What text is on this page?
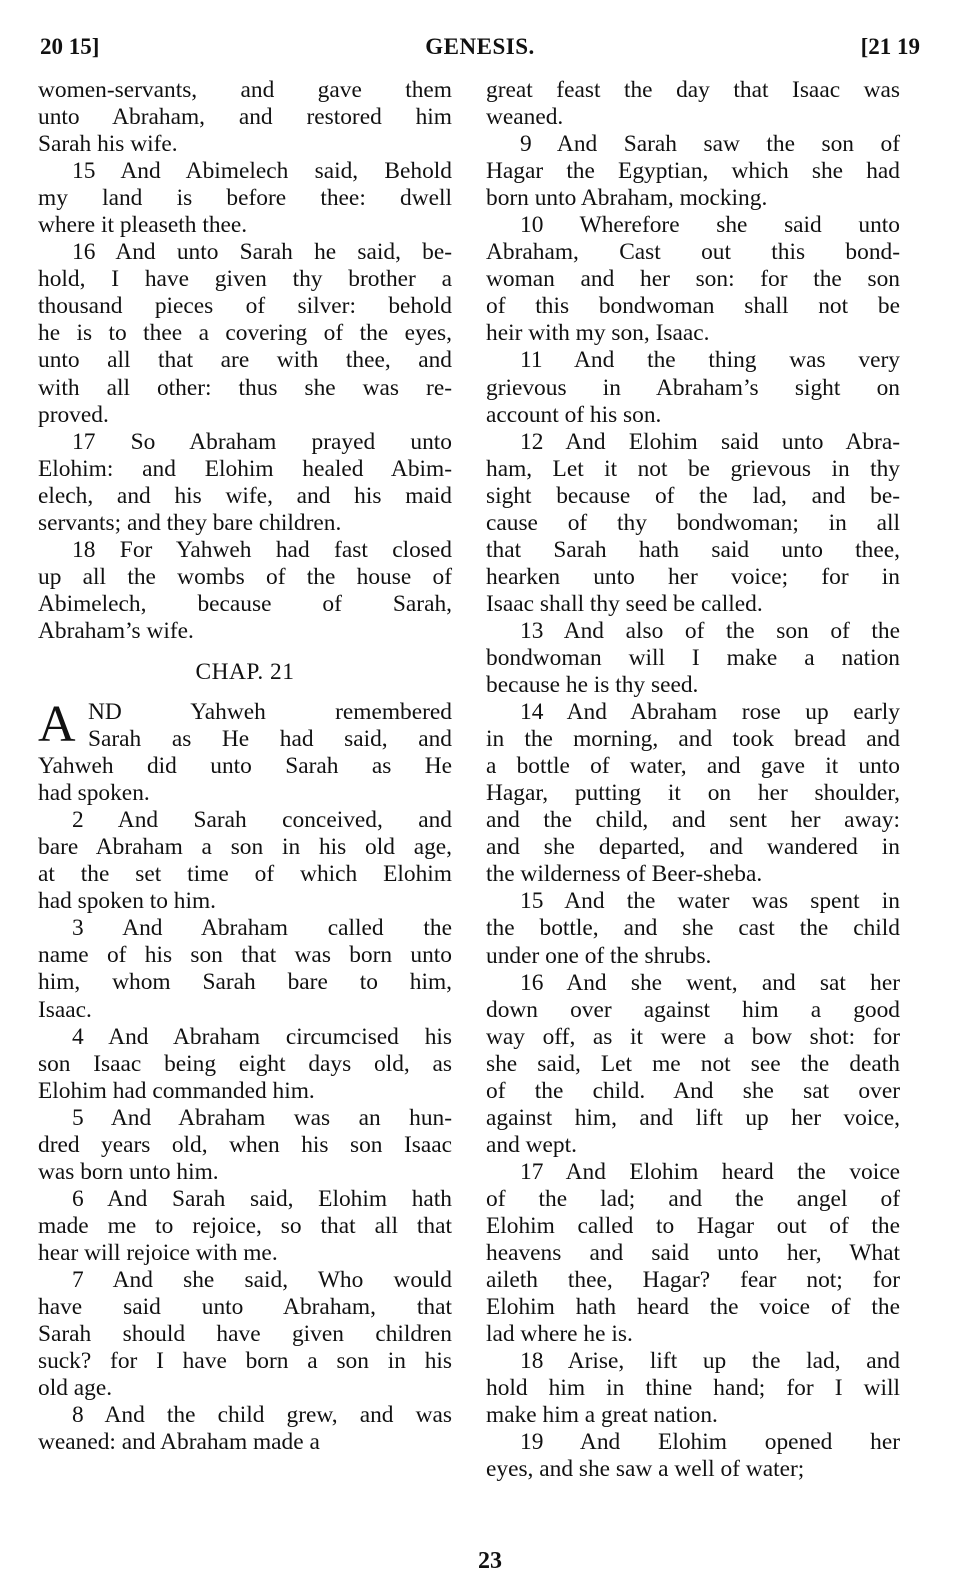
20 15]	GENESIS.	[21 19
women-servants, and gave them
unto Abraham, and restored him
Sarah his wife.
15 And Abimelech said, Behold
my land is before thee: dwell
where it pleaseth thee.
16 And unto Sarah he said, be-
hold, I have given thy brother a
thousand pieces of silver: behold
he is to thee a covering of the eyes,
unto all that are with thee, and
with all other: thus she was re-
proved.
17 So Abraham prayed unto
Elohim: and Elohim healed Abim-
elech, and his wife, and his maid
servants; and they bare children.
18 For Yahweh had fast closed
up all the wombs of the house of
Abimelech, because of Sarah,
Abraham’s wife.
CHAP. 21
A ND Yahweh remembered
Sarah as He had said, and
Yahweh did unto Sarah as He
had spoken.
2 And Sarah conceived, and
bare Abraham a son in his old age,
at the set time of which Elohim
had spoken to him.
3 And Abraham called the
name of his son that was born unto
him, whom Sarah bare to him,
Isaac.
4 And Abraham circumcised his
son Isaac being eight days old, as
Elohim had commanded him.
5 And Abraham was an hun-
dred years old, when his son Isaac
was born unto him.
6 And Sarah said, Elohim hath
made me to rejoice, so that all that
hear will rejoice with me.
7 And she said, Who would
have said unto Abraham, that
Sarah should have given children
suck? for I have born a son in his
old age.
8 And the child grew, and was
weaned: and Abraham made a
great feast the day that Isaac was
weaned.
9 And Sarah saw the son of
Hagar the Egyptian, which she had
born unto Abraham, mocking.
10 Wherefore she said unto
Abraham, Cast out this bond-
woman and her son: for the son
of this bondwoman shall not be
heir with my son, Isaac.
11 And the thing was very
grievous in Abraham’s sight on
account of his son.
12 And Elohim said unto Abra-
ham, Let it not be grievous in thy
sight because of the lad, and be-
cause of thy bondwoman; in all
that Sarah hath said unto thee,
hearken unto her voice; for in
Isaac shall thy seed be called.
13 And also of the son of the
bondwoman will I make a nation
because he is thy seed.
14 And Abraham rose up early
in the morning, and took bread and
a bottle of water, and gave it unto
Hagar, putting it on her shoulder,
and the child, and sent her away:
and she departed, and wandered in
the wilderness of Beer-sheba.
15 And the water was spent in
the bottle, and she cast the child
under one of the shrubs.
16 And she went, and sat her
down over against him a good
way off, as it were a bow shot: for
she said, Let me not see the death
of the child. And she sat over
against him, and lift up her voice,
and wept.
17 And Elohim heard the voice
of the lad; and the angel of
Elohim called to Hagar out of the
heavens and said unto her, What
aileth thee, Hagar? fear not; for
Elohim hath heard the voice of the
lad where he is.
18 Arise, lift up the lad, and
hold him in thine hand; for I will
make him a great nation.
19 And Elohim opened her
eyes, and she saw a well of water;
23
